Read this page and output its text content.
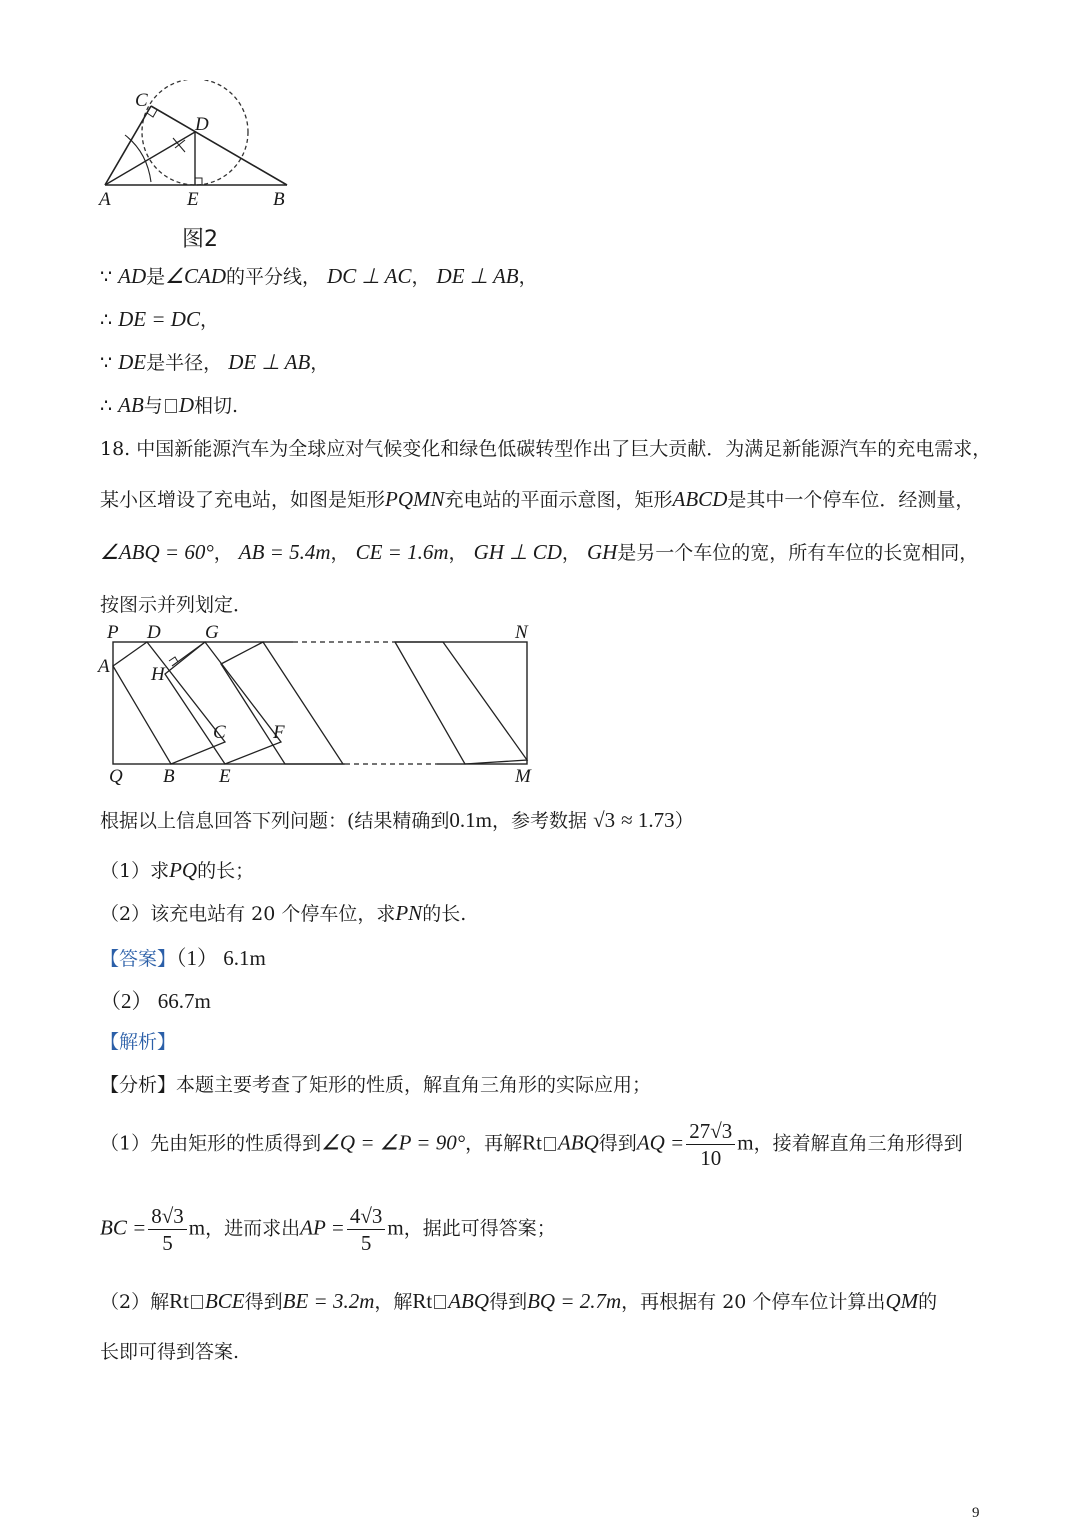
C
D
A	E	B
图2
∵ AD是∠CAD的平分线， DC ⊥ AC， DE ⊥ AB，
∴ DE = DC，
∵ DE是半径， DE ⊥ AB，
∴ AB与 D相切.
18. 中国新能源汽车为全球应对气候变化和绿色低碳转型作出了巨大贡献．为满足新能源汽车的充电需求，
某小区增设了充电站，如图是矩形PQMN充电站的平面示意图，矩形ABCD是其中一个停车位．经测量，
∠ABQ = 60°， AB = 5.4m， CE = 1.6m， GH ⊥ CD， GH是另一个车位的宽，所有车位的长宽相同，
按图示并列划定．
P D G	N
A H
C F
Q B E	M
根据以上信息回答下列问题：(结果精确到0.1m，参考数据 √3 ≈ 1.73）
（1）求PQ的长；
（2）该充电站有 20 个停车位，求PN的长.
【答案】（1） 6.1m
（2） 66.7m
【解析】
【分析】本题主要考查了矩形的性质，解直角三角形的实际应用；
（1）先由矩形的性质得到∠Q = ∠P = 90°，再解Rt ABQ得到AQ = $\frac{27√3}{10}$ m，接着解直角三角形得到
BC = $\frac{8√3}{5}$ m，进而求出AP = $\frac{4√3}{5}$ m，据此可得答案；
（2）解Rt BCE得到BE = 3.2m，解Rt ABQ得到BQ = 2.7m，再根据有 20 个停车位计算出QM的
长即可得到答案.
9
